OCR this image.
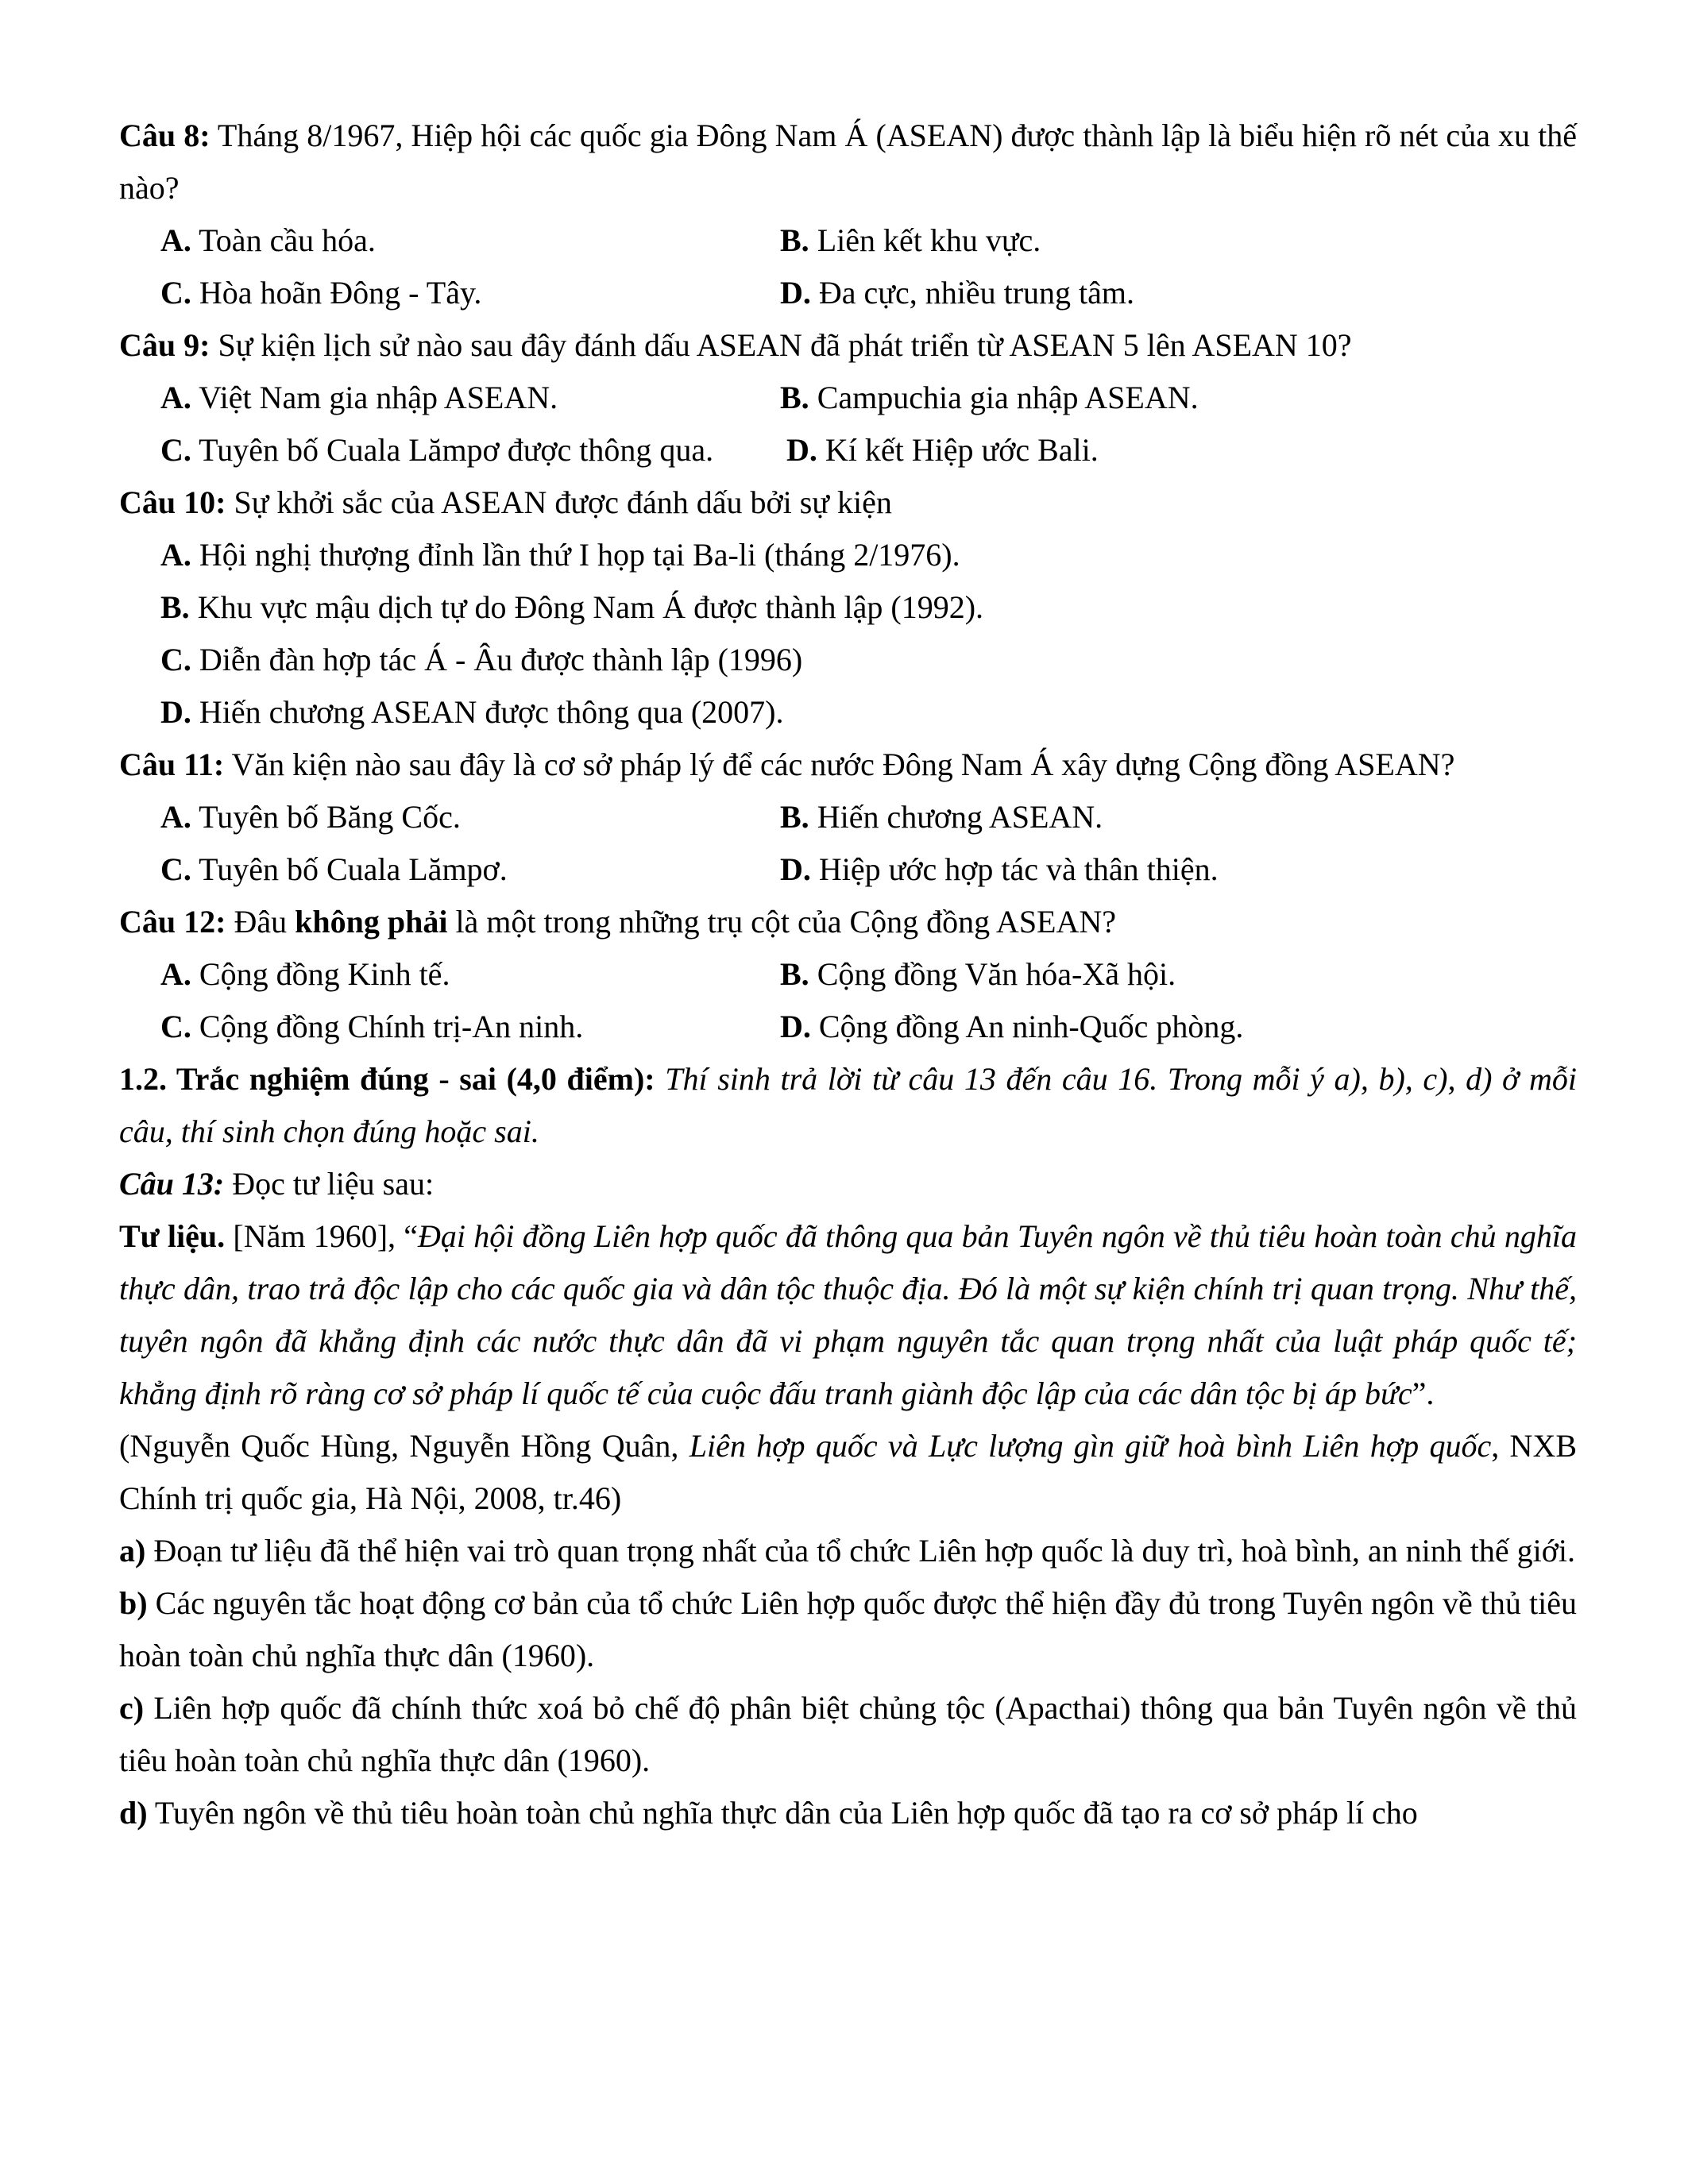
Câu 8: Tháng 8/1967, Hiệp hội các quốc gia Đông Nam Á (ASEAN) được thành lập là biểu hiện rõ nét của xu thế nào?

A. Toàn cầu hóa.	B. Liên kết khu vực.
C. Hòa hoãn Đông - Tây.	D. Đa cực, nhiều trung tâm.

Câu 9: Sự kiện lịch sử nào sau đây đánh dấu ASEAN đã phát triển từ ASEAN 5 lên ASEAN 10?

A. Việt Nam gia nhập ASEAN.	B. Campuchia gia nhập ASEAN.
C. Tuyên bố Cuala Lămpơ được thông qua.	D. Kí kết Hiệp ước Bali.

Câu 10: Sự khởi sắc của ASEAN được đánh dấu bởi sự kiện

A. Hội nghị thượng đỉnh lần thứ I họp tại Ba-li (tháng 2/1976).
B. Khu vực mậu dịch tự do Đông Nam Á được thành lập (1992).
C. Diễn đàn hợp tác Á - Âu được thành lập (1996)
D. Hiến chương ASEAN được thông qua (2007).

Câu 11: Văn kiện nào sau đây là cơ sở pháp lý để các nước Đông Nam Á xây dựng Cộng đồng ASEAN?

A. Tuyên bố Băng Cốc.	B. Hiến chương ASEAN.
C. Tuyên bố Cuala Lămpơ.	D. Hiệp ước hợp tác và thân thiện.

Câu 12: Đâu không phải là một trong những trụ cột của Cộng đồng ASEAN?

A. Cộng đồng Kinh tế.	B. Cộng đồng Văn hóa-Xã hội.
C. Cộng đồng Chính trị-An ninh.	D. Cộng đồng An ninh-Quốc phòng.

1.2. Trắc nghiệm đúng - sai (4,0 điểm): Thí sinh trả lời từ câu 13 đến câu 16. Trong mỗi ý a), b), c), d) ở mỗi câu, thí sinh chọn đúng hoặc sai.

Câu 13: Đọc tư liệu sau:

Tư liệu. [Năm 1960], “Đại hội đồng Liên hợp quốc đã thông qua bản Tuyên ngôn về thủ tiêu hoàn toàn chủ nghĩa thực dân, trao trả độc lập cho các quốc gia và dân tộc thuộc địa. Đó là một sự kiện chính trị quan trọng. Như thế, tuyên ngôn đã khẳng định các nước thực dân đã vi phạm nguyên tắc quan trọng nhất của luật pháp quốc tế; khẳng định rõ ràng cơ sở pháp lí quốc tế của cuộc đấu tranh giành độc lập của các dân tộc bị áp bức”.

(Nguyễn Quốc Hùng, Nguyễn Hồng Quân, Liên hợp quốc và Lực lượng gìn giữ hoà bình Liên hợp quốc, NXB Chính trị quốc gia, Hà Nội, 2008, tr.46)

a) Đoạn tư liệu đã thể hiện vai trò quan trọng nhất của tổ chức Liên hợp quốc là duy trì, hoà bình, an ninh thế giới.

b) Các nguyên tắc hoạt động cơ bản của tổ chức Liên hợp quốc được thể hiện đầy đủ trong Tuyên ngôn về thủ tiêu hoàn toàn chủ nghĩa thực dân (1960).

c) Liên hợp quốc đã chính thức xoá bỏ chế độ phân biệt chủng tộc (Apacthai) thông qua bản Tuyên ngôn về thủ tiêu hoàn toàn chủ nghĩa thực dân (1960).

d) Tuyên ngôn về thủ tiêu hoàn toàn chủ nghĩa thực dân của Liên hợp quốc đã tạo ra cơ sở pháp lí cho
